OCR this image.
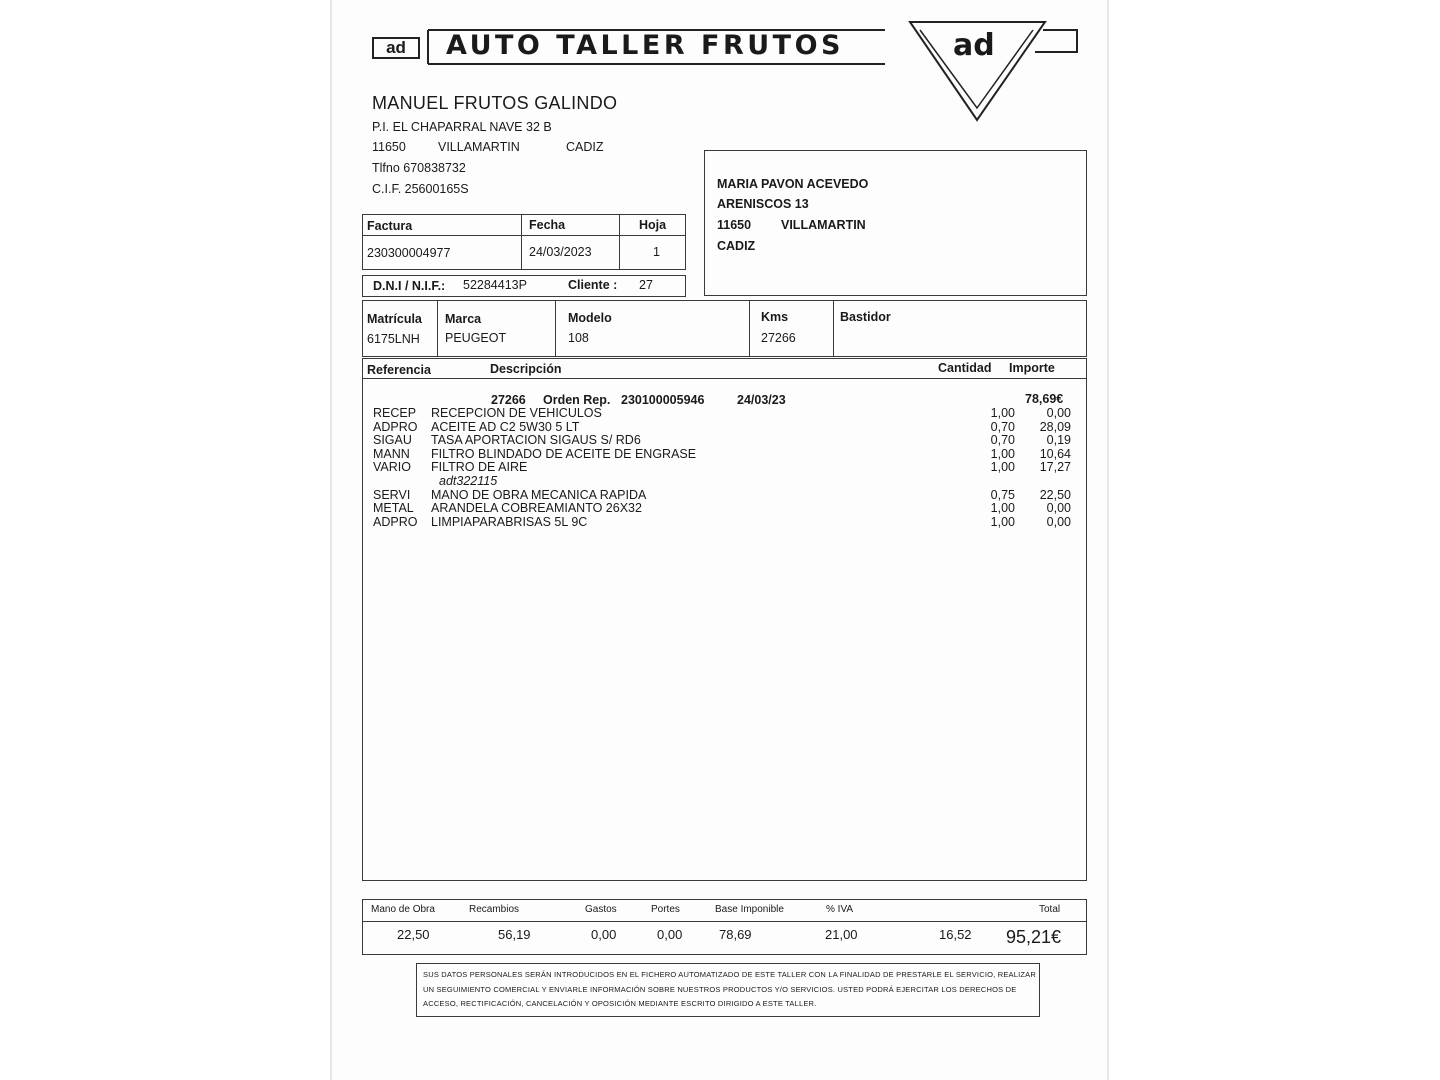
ad	AUTO TALLER FRUTOS	ad
MANUEL FRUTOS GALINDO
P.I. EL CHAPARRAL NAVE 32 B
11650	VILLAMARTIN	CADIZ
Tlfno 670838732
C.I.F. 25600165S	MARIA PAVON ACEVEDO
ARENISCOS 13
11650 VILLAMARTIN
CADIZ
Factura	Fecha	Hoja
230300004977	24/03/2023	1
D.N.I / N.I.F.: 52284413P	Cliente : 27
Matrícula Marca	Modelo	Kms	Bastidor
6175LNH PEUGEOT	108	27266
Referencia	Descripción	Cantidad Importe
27266 Orden Rep. 230100005946	24/03/23	78,69€
RECEP RECEPCION DE VEHICULOS	1,00	0,00
ADPRO ACEITE AD C2 5W30 5 LT	0,70	28,09
SIGAU TASA APORTACION SIGAUS S/ RD6	0,70	0,19
MANN FILTRO BLINDADO DE ACEITE DE ENGRASE	1,00	10,64
VARIO FILTRO DE AIRE	1,00	17,27
adt322115
SERVI MANO DE OBRA MECANICA RAPIDA	0,75	22,50
METAL ARANDELA COBREAMIANTO 26X32	1,00	0,00
ADPRO LIMPIAPARABRISAS 5L 9C	1,00	0,00
Mano de Obra	Recambios	Gastos	Portes	Base Imponible	% IVA	Total
22,50	56,19	0,00	0,00	78,69	21,00	16,52 95,21€
SUS DATOS PERSONALES SERÁN INTRODUCIDOS EN EL FICHERO AUTOMATIZADO DE ESTE TALLER CON LA FINALIDAD DE PRESTARLE EL SERVICIO, REALIZAR
UN SEGUIMIENTO COMERCIAL Y ENVIARLE INFORMACIÓN SOBRE NUESTROS PRODUCTOS Y/O SERVICIOS. USTED PODRÁ EJERCITAR LOS DERECHOS DE
ACCESO, RECTIFICACIÓN, CANCELACIÓN Y OPOSICIÓN MEDIANTE ESCRITO DIRIGIDO A ESTE TALLER.
